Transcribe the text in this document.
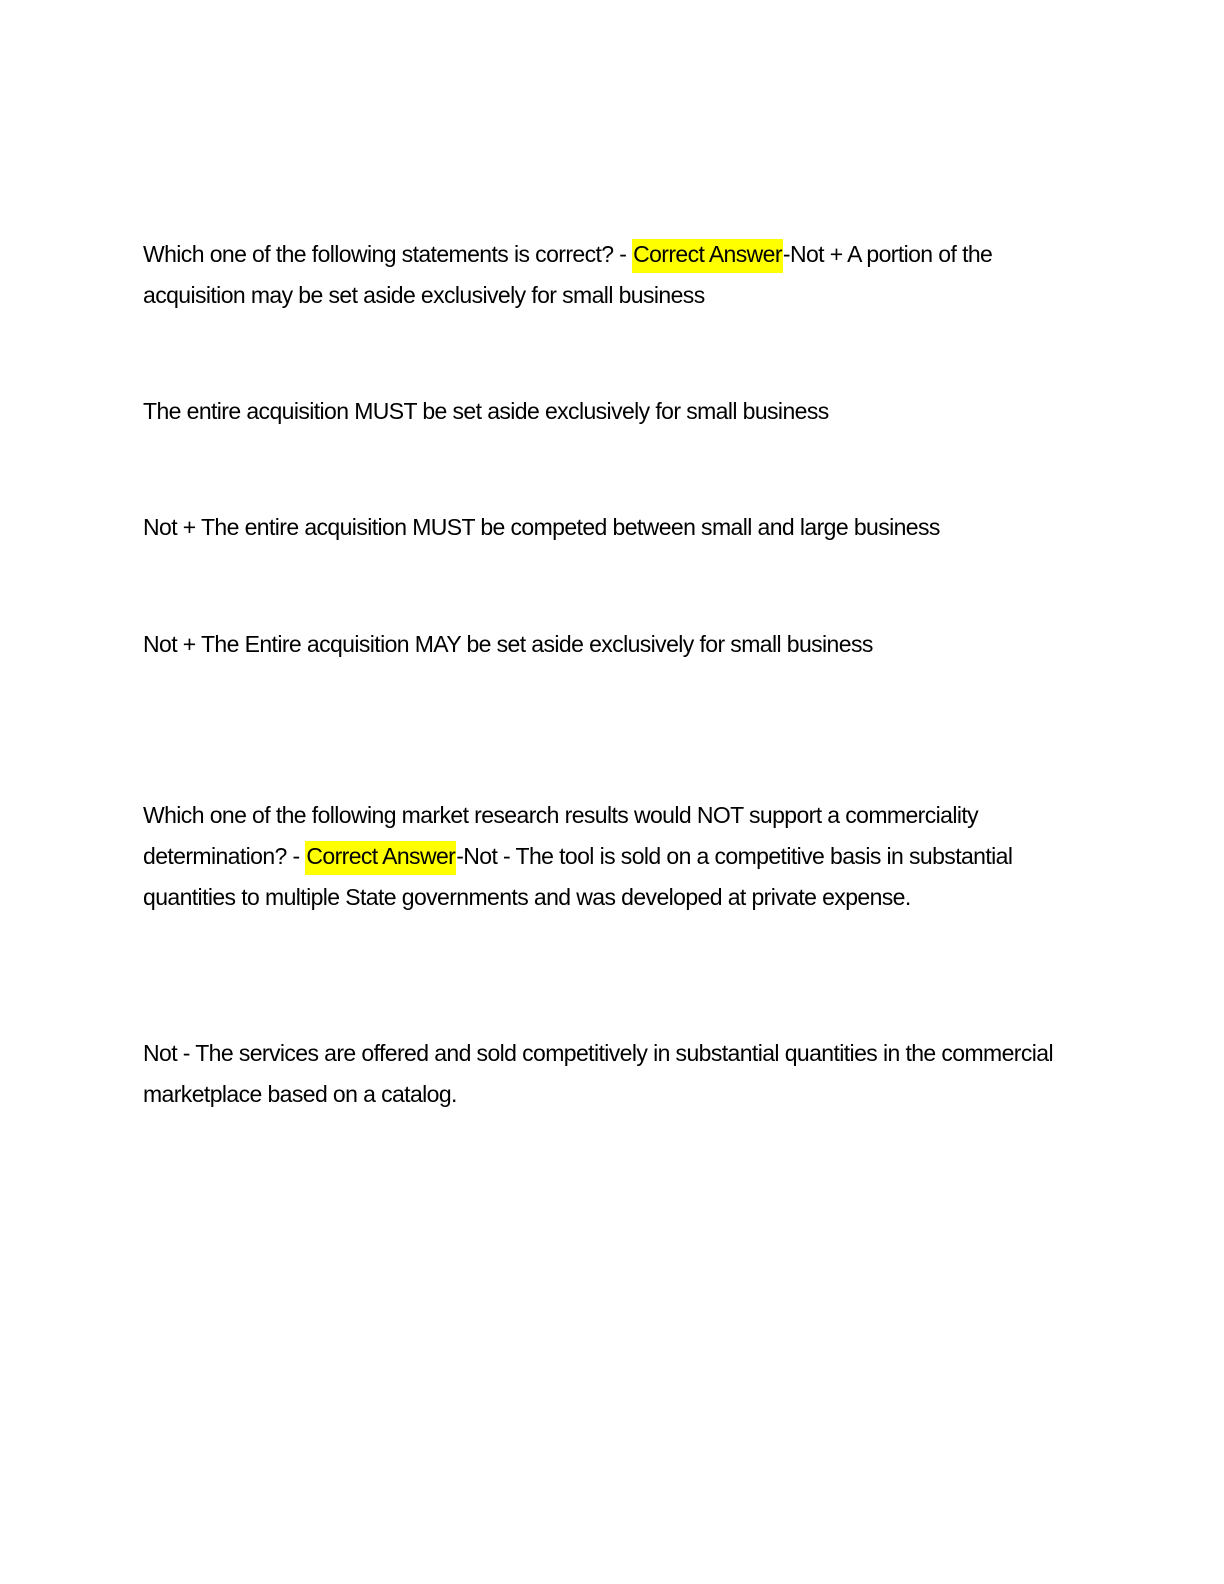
Which one of the following statements is correct? - Correct Answer-Not + A portion of the acquisition may be set aside exclusively for small business

The entire acquisition MUST be set aside exclusively for small business

Not + The entire acquisition MUST be competed between small and large business

Not + The Entire acquisition MAY be set aside exclusively for small business

Which one of the following market research results would NOT support a commerciality determination? - Correct Answer-Not - The tool is sold on a competitive basis in substantial quantities to multiple State governments and was developed at private expense.

Not - The services are offered and sold competitively in substantial quantities in the commercial marketplace based on a catalog.
